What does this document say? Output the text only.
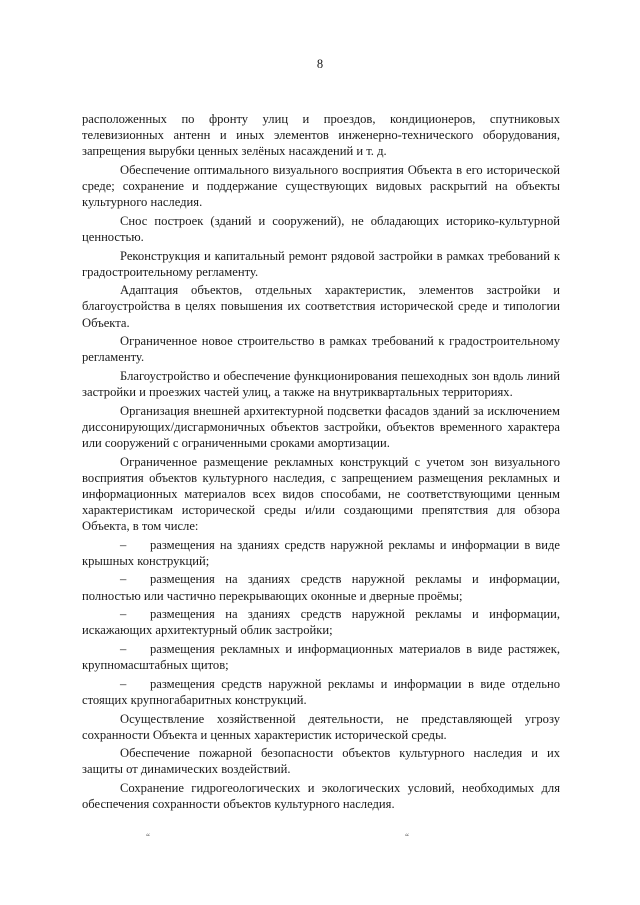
8

расположенных по фронту улиц и проездов, кондиционеров, спутниковых телевизионных антенн и иных элементов инженерно-технического оборудования, запрещения вырубки ценных зелёных насаждений и т. д.

Обеспечение оптимального визуального восприятия Объекта в его исторической среде; сохранение и поддержание существующих видовых раскрытий на объекты культурного наследия.

Снос построек (зданий и сооружений), не обладающих историко-культурной ценностью.

Реконструкция и капитальный ремонт рядовой застройки в рамках требований к градостроительному регламенту.

Адаптация объектов, отдельных характеристик, элементов застройки и благоустройства в целях повышения их соответствия исторической среде и типологии Объекта.

Ограниченное новое строительство в рамках требований к градостроительному регламенту.

Благоустройство и обеспечение функционирования пешеходных зон вдоль линий застройки и проезжих частей улиц, а также на внутриквартальных территориях.

Организация внешней архитектурной подсветки фасадов зданий за исключением диссонирующих/дисгармоничных объектов застройки, объектов временного характера или сооружений с ограниченными сроками амортизации.

Ограниченное размещение рекламных конструкций с учетом зон визуального восприятия объектов культурного наследия, с запрещением размещения рекламных и информационных материалов всех видов способами, не соответствующими ценным характеристикам исторической среды и/или создающими препятствия для обзора Объекта, в том числе:

– размещения на зданиях средств наружной рекламы и информации в виде крышных конструкций;

– размещения на зданиях средств наружной рекламы и информации, полностью или частично перекрывающих оконные и дверные проёмы;

– размещения на зданиях средств наружной рекламы и информации, искажающих архитектурный облик застройки;

– размещения рекламных и информационных материалов в виде растяжек, крупномасштабных щитов;

– размещения средств наружной рекламы и информации в виде отдельно стоящих крупногабаритных конструкций.

Осуществление хозяйственной деятельности, не представляющей угрозу сохранности Объекта и ценных характеристик исторической среды.

Обеспечение пожарной безопасности объектов культурного наследия и их защиты от динамических воздействий.

Сохранение гидрогеологических и экологических условий, необходимых для обеспечения сохранности объектов культурного наследия.

“	“
